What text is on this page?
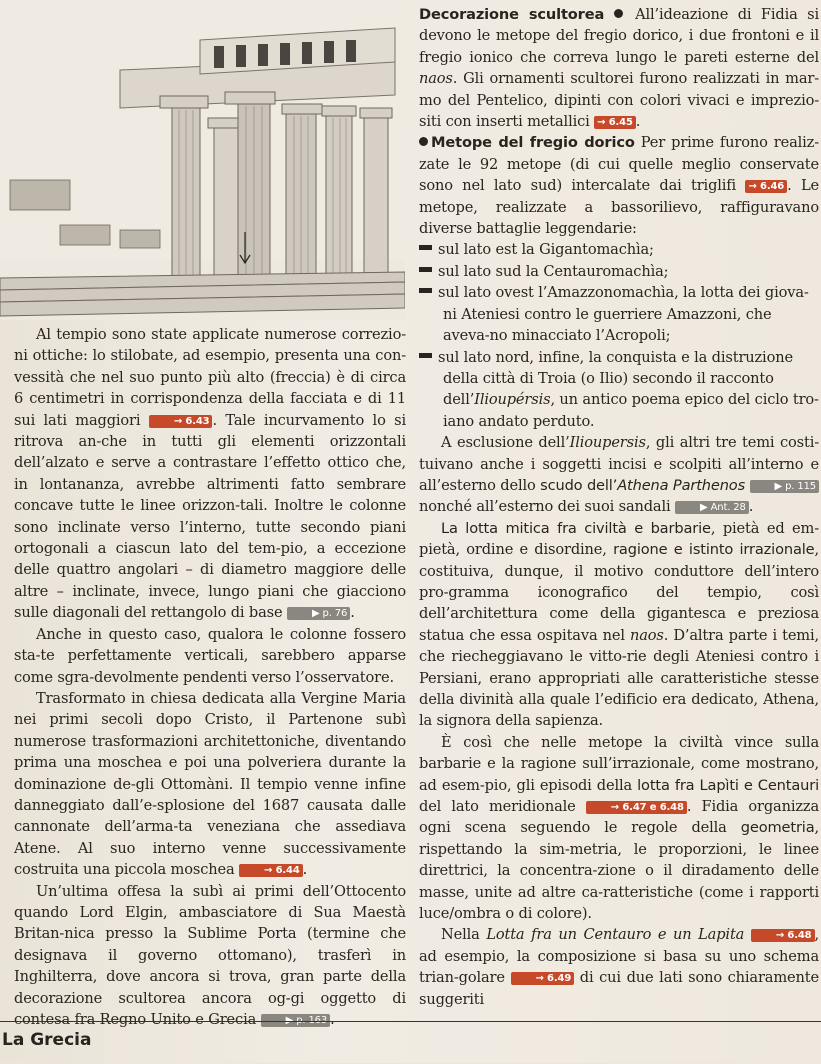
Al tempio sono state applicate numerose correzio-ni ottiche: lo stilobate, ad esempio, presenta una con-vessità che nel suo punto più alto (freccia) è di circa 6 centimetri in corrispondenza della facciata e di 11 sui lati maggiori	→ 6.43 . Tale incurvamento lo si ritrova an-che in tutti gli elementi orizzontali dell’alzato e serve a contrastare l’effetto ottico che, in lontananza, avrebbe altrimenti fatto sembrare concave tutte le linee orizzon-tali. Inoltre le colonne sono inclinate verso l’interno, tutte secondo piani ortogonali a ciascun lato del tem-pio, a eccezione delle quattro angolari – di diametro maggiore delle altre – inclinate, invece, lungo piani che giacciono sulle diagonali del rettangolo di base	▶ p. 76 .

Anche in questo caso, qualora le colonne fossero sta-te perfettamente verticali, sarebbero apparse come sgra-devolmente pendenti verso l’osservatore.

Trasformato in chiesa dedicata alla Vergine Maria nei primi secoli dopo Cristo, il Partenone subì numerose trasformazioni architettoniche, diventando prima una moschea e poi una polveriera durante la dominazione de-gli Ottomàni. Il tempio venne infine danneggiato dall’e-splosione del 1687 causata dalle cannonate dell’arma-ta veneziana che assediava Atene. Al suo interno venne successivamente costruita una piccola moschea	→ 6.44 .

Un’ultima offesa la subì ai primi dell’Ottocento quando Lord Elgin, ambasciatore di Sua Maestà Britan-nica presso la Sublime Porta (termine che designava il governo ottomano), trasferì in Inghilterra, dove ancora si trova, gran parte della decorazione scultorea ancora og-gi oggetto di contesa fra Regno Unito e Grecia	▶ p. 163 .

Decorazione scultorea  All’ideazione di Fidia si devono le metope del fregio dorico, i due frontoni e il fregio ionico che correva lungo le pareti esterne del naos. Gli ornamenti scultorei furono realizzati in mar-mo del Pentelico, dipinti con colori vivaci e imprezio-siti con inserti metallici → 6.45 .

Metope del fregio dorico Per prime furono realiz-zate le 92 metope (di cui quelle meglio conservate sono nel lato sud) intercalate dai triglifi → 6.46 . Le metope, realizzate a bassorilievo, raffiguravano diverse battaglie leggendarie:

sul lato est la Gigantomachìa;
sul lato sud la Centauromachìa;
sul lato ovest l’Amazzonomachìa, la lotta dei giova-ni Ateniesi contro le guerriere Amazzoni, che aveva-no minacciato l’Acropoli;
sul lato nord, infine, la conquista e la distruzione della città di Troia (o Ilio) secondo il racconto dell’Ilioupérsis, un antico poema epico del ciclo tro-iano andato perduto.

A esclusione dell’Ilioupersis, gli altri tre temi costi-tuivano anche i soggetti incisi e scolpiti all’interno e all’esterno dello scudo dell’Athena Parthenos	▶ p. 115 nonché all’esterno dei suoi sandali	▶ Ant. 28 .

La lotta mitica fra civiltà e barbarie, pietà ed em-pietà, ordine e disordine, ragione e istinto irrazionale, costituiva, dunque, il motivo conduttore dell’intero pro-gramma iconografico del tempio, così dell’architettura come della gigantesca e preziosa statua che essa ospitava nel naos. D’altra parte i temi, che riecheggiavano le vitto-rie degli Ateniesi contro i Persiani, erano appropriati alle caratteristiche stesse della divinità alla quale l’edificio era dedicato, Athena, la signora della sapienza.

È così che nelle metope la civiltà vince sulla barbarie e la ragione sull’irrazionale, come mostrano, ad esem-pio, gli episodi della lotta fra Lapìti e Centauri del lato meridionale	→ 6.47 e 6.48 . Fidia organizza ogni scena seguendo le regole della geometria, rispettando la sim-metria, le proporzioni, le linee direttrici, la concentra-zione o il diradamento delle masse, unite ad altre ca-ratteristiche (come i rapporti luce/ombra o di colore).

Nella Lotta fra un Centauro e un Lapita	→ 6.48 , ad esempio, la composizione si basa su uno schema trian-golare	→ 6.49 di cui due lati sono chiaramente suggeriti

La Grecia
